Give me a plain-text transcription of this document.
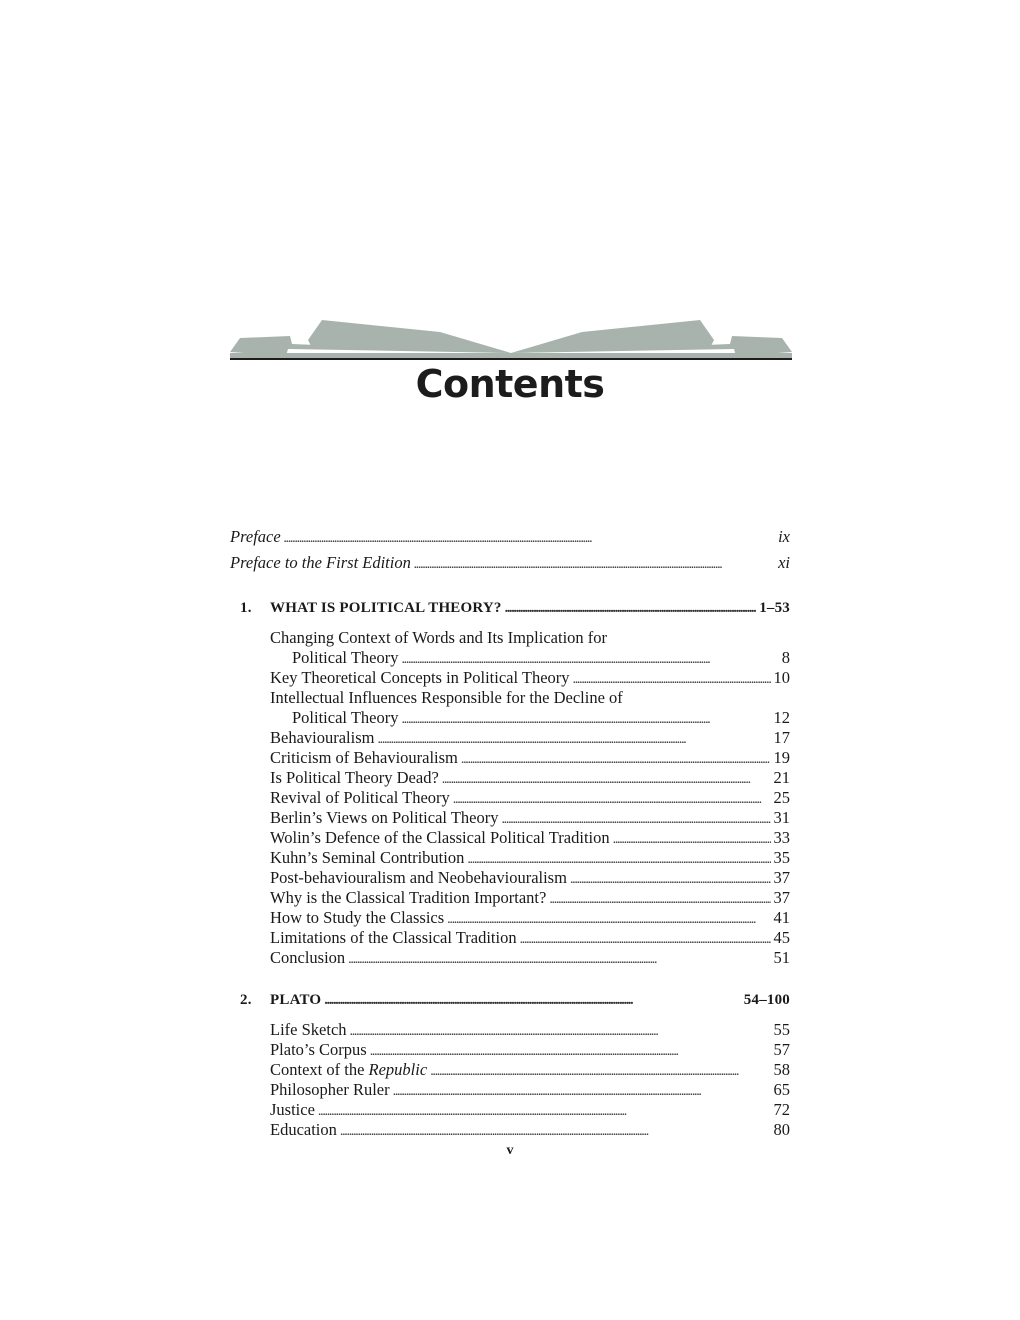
Contents
Preface . . .	ix
Preface to the First Edition . . .	xi
1.	WHAT IS POLITICAL THEORY? . . .	1–53
Changing Context of Words and Its Implication for
Political Theory . . .	8
Key Theoretical Concepts in Political Theory . . .	10
Intellectual Influences Responsible for the Decline of
Political Theory . . .	12
Behaviouralism . . .	17
Criticism of Behaviouralism . . .	19
Is Political Theory Dead? . . .	21
Revival of Political Theory . . .	25
Berlin’s Views on Political Theory . . .	31
Wolin’s Defence of the Classical Political Tradition . . .	33
Kuhn’s Seminal Contribution . . .	35
Post-behaviouralism and Neobehaviouralism . . .	37
Why is the Classical Tradition Important? . . .	37
How to Study the Classics . . .	41
Limitations of the Classical Tradition . . .	45
Conclusion . . .	51
2.	PLATO . . .	54–100
Life Sketch . . .	55
Plato’s Corpus . . .	57
Context of the Republic . . .	58
Philosopher Ruler . . .	65
Justice . . .	72
Education . . .	80
v
